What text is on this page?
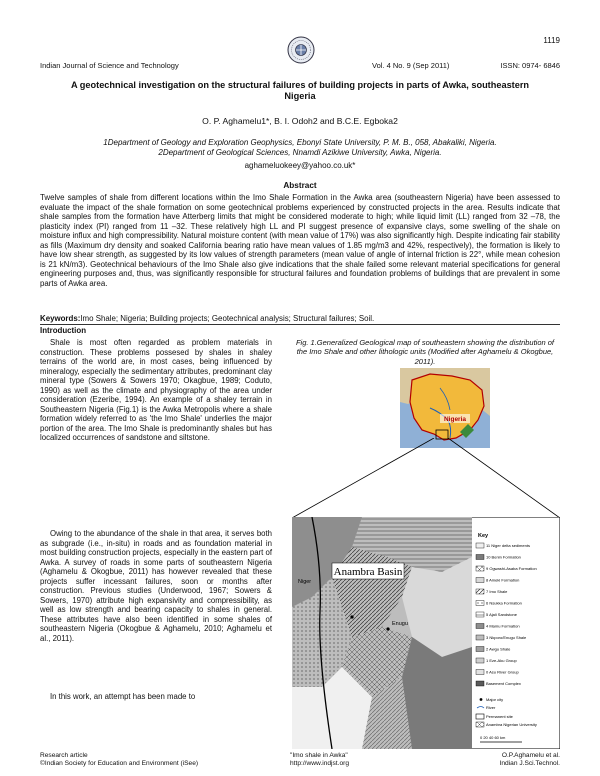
1119
Indian Journal of Science and Technology	Vol. 4 No. 9 (Sep 2011)	ISSN: 0974- 6846
A geotechnical investigation on the structural failures of building projects in parts of Awka, southeastern Nigeria
O. P. Aghamelu1*, B. I. Odoh2 and B.C.E. Egboka2
1Department of Geology and Exploration Geophysics, Ebonyi State University, P. M. B., 058, Abakaliki, Nigeria.
2Department of Geological Sciences, Nnamdi Azikiwe University, Awka, Nigeria.
aghameluokeey@yahoo.co.uk*
Abstract
Twelve samples of shale from different locations within the Imo Shale Formation in the Awka area (southeastern Nigeria) have been assessed to evaluate the impact of the shale formation on some geotechnical problems experienced by constructed projects in the area. Results indicate that shale samples from the formation have Atterberg limits that might be considered moderate to high; while liquid limit (LL) ranged from 32 –78, the plasticity index (PI) ranged from 11 –32. These relatively high LL and PI suggest presence of expansive clays, some swelling of the shale on moisture influx and high compressibility. Natural moisture content (with mean value of 17%) was also significantly high. Despite indicating fair stability as fills (Maximum dry density and soaked California bearing ratio have mean values of 1.85 mg/m3 and 42%, respectively), the formation is likely to have low shear strength, as suggested by its low values of strength parameters (mean value of angle of internal friction is 22°, while mean cohesion is 21 kN/m3). Geotechnical behaviours of the Imo Shale also give indications that the shale failed some relevant material specifications for general engineering purposes and, thus, was significantly responsible for structural failures and foundation problems of buildings that are prevalent in some parts of Awka area.
Keywords:Imo Shale; Nigeria; Building projects; Geotechnical analysis; Structural failures; Soil.
Introduction
Shale is most often regarded as problem materials in construction. These problems possesed by shales in shaley terrains of the world are, in most cases, being influenced by mineralogy, especially the sedimentary attributes, predominant clay mineral type (Sowers & Sowers 1970; Okagbue, 1989; Coduto, 1990) as well as the climate and physiography of the area under consideration (Ezeribe, 1994). An example of a shaley terrain in Southeastern Nigeria (Fig.1) is the Awka Metropolis where a shale formation widely referred to as 'the Imo Shale' underlies the major portion of the area. The Imo Shale is predominantly shales but has localized occurrences of sandstone and siltstone.
Owing to the abundance of the shale in that area, it serves both as subgrade (i.e., in-situ) in roads and as foundation material in most building construction projects, especially in the eastern part of Awka. A survey of roads in some parts of southeastern Nigeria (Aghamelu & Okogbue, 2011) has however revealed that these projects suffer incessant failures, soon or months after construction. Previous studies (Underwood, 1967; Sowers & Sowers, 1970) attribute high expansivity and compressibility, as well as low strength and bearing capacity to shales in general. These attributes have also been identified in some shales of southeastern Nigeria (Okogbue & Aghamelu, 2010; Aghamelu et al., 2011).
In this work, an attempt has been made to
Fig. 1.Generalized Geological map of southeastern showing the distribution of the Imo Shale and other lithologic units (Modified after Aghamelu & Okogbue, 2011).
Nigeria
Anambra Basin
Niger
Enugu
Key
11 Niger delta sediments
10 Benin Formation
9 Ogwashi-Asaba Formation
8 Ameki Formation
7 Imo Shale
6 Nsukka Formation
5 Ajali Sandstone
4 Mamu Formation
3 Nkporo/Enugu Shale
2 Awgu Shale
1 Eze-Aku Group
0 Asu River Group
Basement Complex
Major city
River
Permanent site
Anambra Nigerian University
0 20 40 60 km
Research article
©Indian Society for Education and Environment (iSee)
"Imo shale in Awka"
http://www.indjst.org
O.P.Aghamelu et al.
Indian J.Sci.Technol.
